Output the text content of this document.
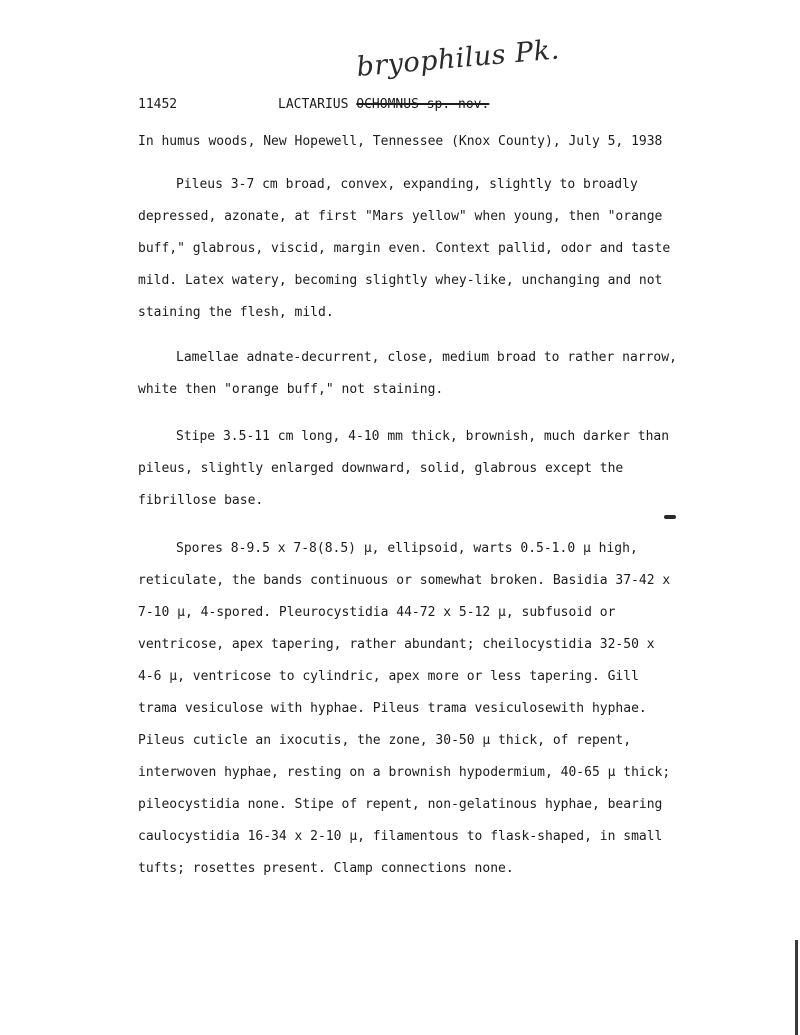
bryophilus Pk.
11452	LACTARIUS OCHOMNUS sp. nov.
In humus woods, New Hopewell, Tennessee (Knox County), July 5, 1938
Pileus 3-7 cm broad, convex, expanding, slightly to broadly
depressed, azonate, at first "Mars yellow" when young, then "orange
buff," glabrous, viscid, margin even. Context pallid, odor and taste
mild. Latex watery, becoming slightly whey-like, unchanging and not
staining the flesh, mild.
Lamellae adnate-decurrent, close, medium broad to rather narrow,
white then "orange buff," not staining.
Stipe 3.5-11 cm long, 4-10 mm thick, brownish, much darker than
pileus, slightly enlarged downward, solid, glabrous except the
fibrillose base.
Spores 8-9.5 x 7-8(8.5) µ, ellipsoid, warts 0.5-1.0 µ high,
reticulate, the bands continuous or somewhat broken. Basidia 37-42 x
7-10 µ, 4-spored. Pleurocystidia 44-72 x 5-12 µ, subfusoid or
ventricose, apex tapering, rather abundant; cheilocystidia 32-50 x
4-6 µ, ventricose to cylindric, apex more or less tapering. Gill
trama vesiculose with hyphae. Pileus trama vesiculosewith hyphae.
Pileus cuticle an ixocutis, the zone, 30-50 µ thick, of repent,
interwoven hyphae, resting on a brownish hypodermium, 40-65 µ thick;
pileocystidia none. Stipe of repent, non-gelatinous hyphae, bearing
caulocystidia 16-34 x 2-10 µ, filamentous to flask-shaped, in small
tufts; rosettes present. Clamp connections none.
